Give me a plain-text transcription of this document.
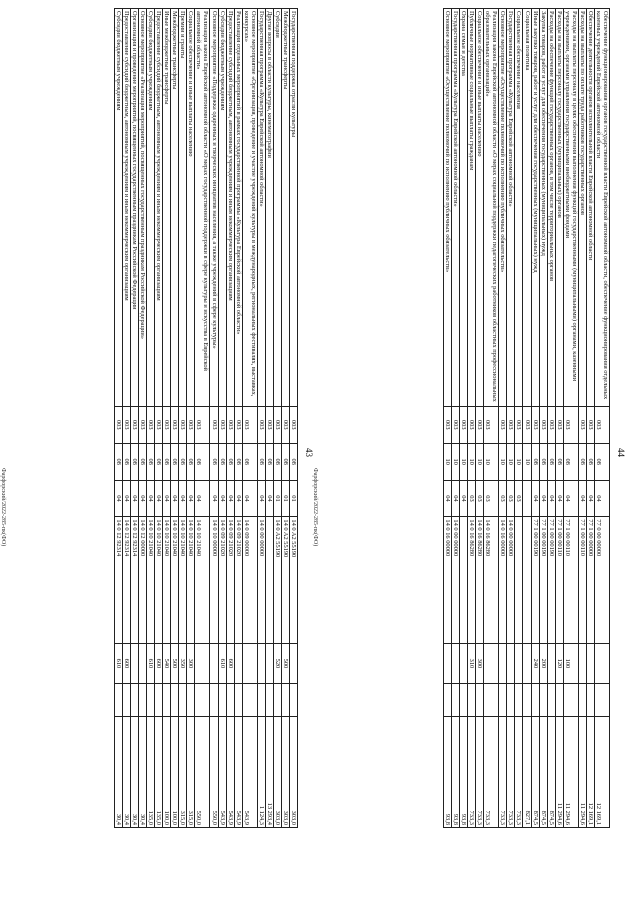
43
Государственная поддержка отрасли культуры	003	08	01	14 0 A2 55190			303,0
Межбюджетные трансферты	003	08	01	14 0 A2 55190	500		303,0
Субсидии	003	08	01	14 0 A2 55190	520		303,0
Другие вопросы в области культуры, кинематографии	003	08	04				13 293,4
Государственная программа «Культура Еврейской автономной области»	003	08	04	14 0 00 00000			1 124,3
Основное мероприятие «Организация, проведение и участие учреждений культуры в международных, региональных фестивалях, выставках, конкурсах»	003	08	04	14 0 09 00000			543,9
Реализация отдельных мероприятий в рамках государственной программы «Культура Еврейской автономной области»	003	08	04	14 0 09 21020			543,9
Предоставление субсидий бюджетным, автономным учреждениям и иным некоммерческим организациям	003	08	04	14 0 09 21020	600		543,9
Субсидии бюджетным учреждениям	003	08	04	14 0 09 21020	610		543,9
Основное мероприятие «Поддержка одаренных и творческих инициатив населения, а также учреждений в сфере культуры»	003	08	04	14 0 10 00000			550,0
Реализация закона Еврейской автономной области «О мерах государственной поддержки в сфере культуры и искусства в Еврейской автономной области»	003	08	04	14 0 10 21040			550,0
Социальное обеспечение и иные выплаты населению	003	08	04	14 0 10 21040	300		315,0
Премии и гранты	003	08	04	14 0 10 21040	350		315,0
Межбюджетные трансферты	003	08	04	14 0 10 21040	500		100,0
Иные межбюджетные трансферты	003	08	04	14 0 10 21040	540		100,0
Предоставление субсидий бюджетным, автономным учреждениям и иным некоммерческим организациям	003	08	04	14 0 10 21040	600		135,0
Субсидии бюджетным учреждениям	003	08	04	14 0 10 21040	610		135,0
Основное мероприятие «Реализация мероприятий, посвященных государственным праздникам Российской Федерации»	003	08	04	14 0 12 00000			30,4
Организация и проведение мероприятий, посвященных государственным праздникам Российской Федерации	003	08	04	14 0 12 92314			30,4
Предоставление субсидий бюджетным, автономным учреждениям и иным некоммерческим организациям	003	08	04	14 0 12 92314	600		30,4
Субсидии бюджетным учреждениям	003	08	04	14 0 12 92314	610		30,4
Фарфорский/2022-285-пк(ФО)
44
Обеспечение функционирования органов государственной власти Еврейской автономной области, обеспечение функционирования отдельных казенных учреждений Еврейской автономной области	003	08	04	77 0 00 00000			12 169,1
Обеспечение деятельности органов исполнительной власти Еврейской автономной области	003	08	04	77 1 00 00000			12 169,1
Расходы на выплаты по оплате труда работников государственных органов	003	08	04	77 1 00 00110			11 294,6
Расходы на выплаты персоналу в целях обеспечения выполнения функций государственными (муниципальными) органами, казенными учреждениями, органами управления государственными внебюджетными фондами	003	08	04	77 1 00 00110	100		11 294,6
Расходы на выплаты персоналу государственных (муниципальных) органов	003	08	04	77 1 00 00110	120		11 294,6
Расходы на обеспечение функций государственных органов, в том числе территориальных органов	003	08	04	77 1 00 00190			874,5
Закупка товаров, работ и услуг для обеспечения государственных (муниципальных) нужд	003	08	04	77 1 00 00190	200		874,5
Иные закупки товаров, работ и услуг для обеспечения государственных (муниципальных) нужд	003	08	04	77 1 00 00190	240		874,5
Социальная политика	003	10					827,1
Социальное обеспечение населения	003	10	03				733,3
Государственная программа «Культура Еврейской автономной области»	003	10	03	14 0 00 00000			733,3
Основное мероприятие «Осуществление полномочий по исполнению публичных обязательств»	003	10	03	14 0 16 00000			733,3
Реализация закона Еврейской автономной области «О мерах социальной поддержки педагогических работников областных профессиональных образовательных организаций»	003	10	03	14 0 16 86280			733,3
Социальное обеспечение и иные выплаты населению	003	10	03	14 0 16 86280	300		733,3
Публичные нормативные социальные выплаты гражданам	003	10	03	14 0 16 86280	310		733,3
Охрана семьи и детства	003	10	04				93,8
Государственная программа «Культура Еврейской автономной области»	003	10	04	14 0 00 00000			93,8
Основное мероприятие «Осуществление полномочий по исполнению публичных обязательств»	003	10	04	14 0 16 00000			93,8
Фарфорский/2022-285-пк(ФО)
